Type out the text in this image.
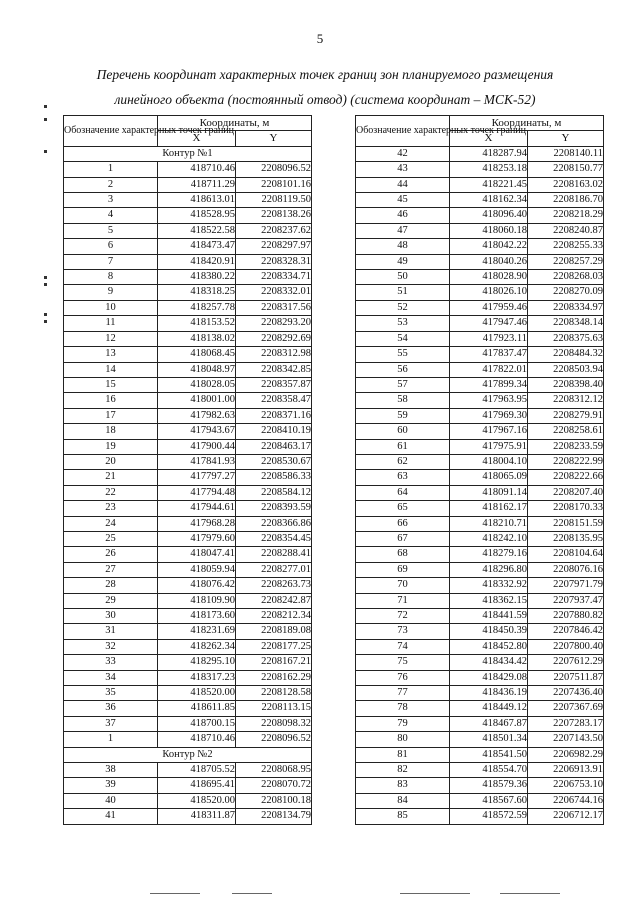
5
Перечень координат характерных точек границ зон планируемого размещения
линейного объекта (постоянный отвод) (система координат – МСК-52)
Обозначение характерных точек границ	Координаты, м	
	X	Y
Контур №1		
1	418710.46	2208096.52
2	418711.29	2208101.16
3	418613.01	2208119.50
4	418528.95	2208138.26
5	418522.58	2208237.62
6	418473.47	2208297.97
7	418420.91	2208328.31
8	418380.22	2208334.71
9	418318.25	2208332.01
10	418257.78	2208317.56
11	418153.52	2208293.20
12	418138.02	2208292.69
13	418068.45	2208312.98
14	418048.97	2208342.85
15	418028.05	2208357.87
16	418001.00	2208358.47
17	417982.63	2208371.16
18	417943.67	2208410.19
19	417900.44	2208463.17
20	417841.93	2208530.67
21	417797.27	2208586.33
22	417794.48	2208584.12
23	417944.61	2208393.59
24	417968.28	2208366.86
25	417979.60	2208354.45
26	418047.41	2208288.41
27	418059.94	2208277.01
28	418076.42	2208263.73
29	418109.90	2208242.87
30	418173.60	2208212.34
31	418231.69	2208189.08
32	418262.34	2208177.25
33	418295.10	2208167.21
34	418317.23	2208162.29
35	418520.00	2208128.58
36	418611.85	2208113.15
37	418700.15	2208098.32
1	418710.46	2208096.52
Контур №2		
38	418705.52	2208068.95
39	418695.41	2208070.72
40	418520.00	2208100.18
41	418311.87	2208134.79
Обозначение характерных точек границ	Координаты, м	
	X	Y
42	418287.94	2208140.11
43	418253.18	2208150.77
44	418221.45	2208163.02
45	418162.34	2208186.70
46	418096.40	2208218.29
47	418060.18	2208240.87
48	418042.22	2208255.33
49	418040.26	2208257.29
50	418028.90	2208268.03
51	418026.10	2208270.09
52	417959.46	2208334.97
53	417947.46	2208348.14
54	417923.11	2208375.63
55	417837.47	2208484.32
56	417822.01	2208503.94
57	417899.34	2208398.40
58	417963.95	2208312.12
59	417969.30	2208279.91
60	417967.16	2208258.61
61	417975.91	2208233.59
62	418004.10	2208222.99
63	418065.09	2208222.66
64	418091.14	2208207.40
65	418162.17	2208170.33
66	418210.71	2208151.59
67	418242.10	2208135.95
68	418279.16	2208104.64
69	418296.80	2208076.16
70	418332.92	2207971.79
71	418362.15	2207937.47
72	418441.59	2207880.82
73	418450.39	2207846.42
74	418452.80	2207800.40
75	418434.42	2207612.29
76	418429.08	2207511.87
77	418436.19	2207436.40
78	418449.12	2207367.69
79	418467.87	2207283.17
80	418501.34	2207143.50
81	418541.50	2206982.29
82	418554.70	2206913.91
83	418579.36	2206753.10
84	418567.60	2206744.16
85	418572.59	2206712.17
